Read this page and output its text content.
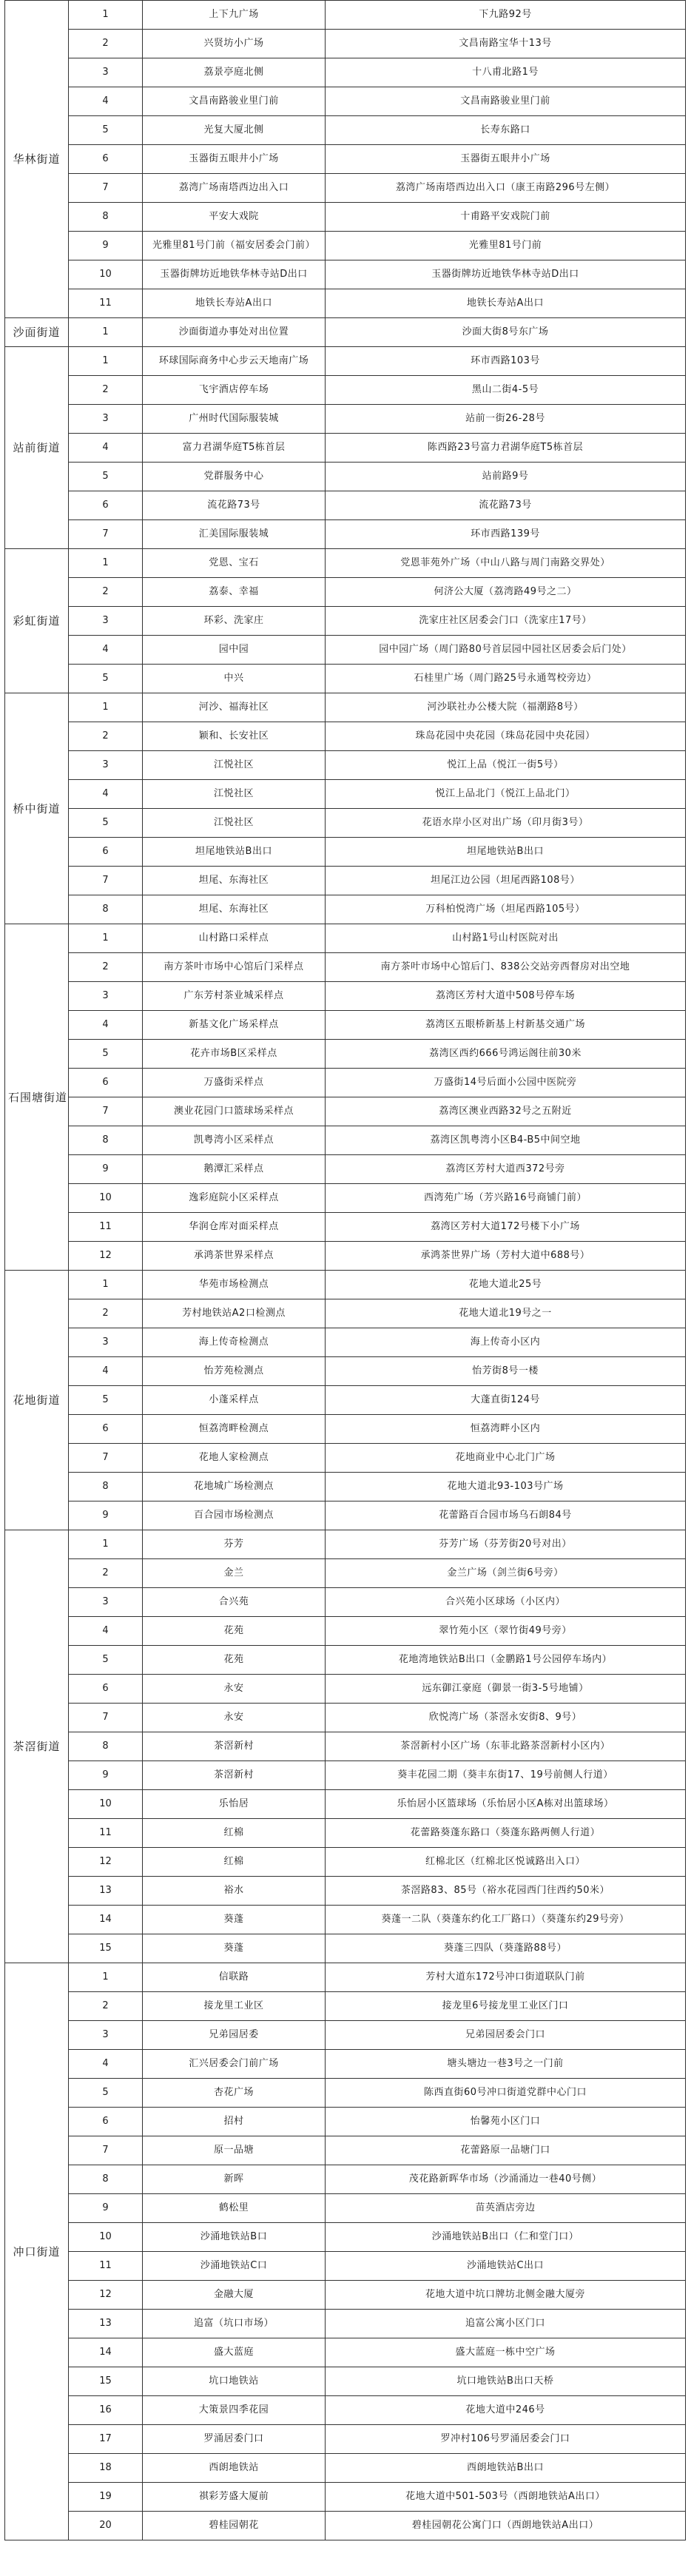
华林街道	1	上下九广场	下九路92号
	2	兴贤坊小广场	文昌南路宝华十13号
	3	荔景亭庭北侧	十八甫北路1号
	4	文昌南路骏业里门前	文昌南路骏业里门前
	5	光复大厦北侧	长寿东路口
	6	玉器街五眼井小广场	玉器街五眼井小广场
	7	荔湾广场南塔西边出入口	荔湾广场南塔西边出入口（康王南路296号左侧）
	8	平安大戏院	十甫路平安戏院门前
	9	光雅里81号门前（福安居委会门前）	光雅里81号门前
	10	玉器街牌坊近地铁华林寺站D出口	玉器街牌坊近地铁华林寺站D出口
	11	地铁长寿站A出口	地铁长寿站A出口
沙面街道	1	沙面街道办事处对出位置	沙面大街8号东广场
站前街道	1	环球国际商务中心步云天地南广场	环市西路103号
	2	飞宇酒店停车场	黑山二街4-5号
	3	广州时代国际服装城	站前一街26-28号
	4	富力君湖华庭T5栋首层	陈西路23号富力君湖华庭T5栋首层
	5	党群服务中心	站前路9号
	6	流花路73号	流花路73号
	7	汇美国际服装城	环市西路139号
彩虹街道	1	党恩、宝石	党恩菲苑外广场（中山八路与周门南路交界处）
	2	荔泰、幸福	何济公大厦（荔湾路49号之二）
	3	环彩、洗家庄	洗家庄社区居委会门口（洗家庄17号）
	4	园中园	园中园广场（周门路80号首层园中园社区居委会后门处）
	5	中兴	石桂里广场（周门路25号永通驾校旁边）
桥中街道	1	河沙、福海社区	河沙联社办公楼大院（福潮路8号）
	2	颖和、长安社区	珠岛花园中央花园（珠岛花园中央花园）
	3	江悦社区	悦江上品（悦江一街5号）
	4	江悦社区	悦江上品北门（悦江上品北门）
	5	江悦社区	花语水岸小区对出广场（印月街3号）
	6	坦尾地铁站B出口	坦尾地铁站B出口
	7	坦尾、东海社区	坦尾江边公园（坦尾西路108号）
	8	坦尾、东海社区	万科柏悦湾广场（坦尾西路105号）
石围塘街道	1	山村路口采样点	山村路1号山村医院对出
	2	南方茶叶市场中心馆后门采样点	南方茶叶市场中心馆后门、838公交站旁西督房对出空地
	3	广东芳村茶业城采样点	荔湾区芳村大道中508号停车场
	4	新基文化广场采样点	荔湾区五眼桥新基上村新基交通广场
	5	花卉市场B区采样点	荔湾区西约666号鸿运阁往前30米
	6	万盛街采样点	万盛街14号后面小公园中医院旁
	7	澳业花园门口篮球场采样点	荔湾区澳业西路32号之五附近
	8	凯粤湾小区采样点	荔湾区凯粤湾小区B4-B5中间空地
	9	鹅潭汇采样点	荔湾区芳村大道西372号旁
	10	逸彩庭院小区采样点	西湾苑广场（芳兴路16号商铺门前）
	11	华润仓库对面采样点	荔湾区芳村大道172号楼下小广场
	12	承鸿茶世界采样点	承鸿茶世界广场（芳村大道中688号）
花地街道	1	华苑市场检测点	花地大道北25号
	2	芳村地铁站A2口检测点	花地大道北19号之一
	3	海上传奇检测点	海上传奇小区内
	4	怡芳苑检测点	怡芳街8号一楼
	5	小蓬采样点	大蓬直街124号
	6	恒荔湾畔检测点	恒荔湾畔小区内
	7	花地人家检测点	花地商业中心北门广场
	8	花地城广场检测点	花地大道北93-103号广场
	9	百合园市场检测点	花蕾路百合园市场乌石朗84号
茶滘街道	1	芬芳	芬芳广场（芬芳街20号对出）
	2	金兰	金兰广场（剑兰街6号旁）
	3	合兴苑	合兴苑小区球场（小区内）
	4	花苑	翠竹苑小区（翠竹街49号旁）
	5	花苑	花地湾地铁站B出口（金鹏路1号公园停车场内）
	6	永安	远东御江豪庭（御景一街3-5号地铺）
	7	永安	欣悦湾广场（茶滘永安街8、9号）
	8	茶滘新村	茶滘新村小区广场（东菲北路茶滘新村小区内）
	9	茶滘新村	葵丰花园二期（葵丰东街17、19号前侧人行道）
	10	乐怡居	乐怡居小区篮球场（乐怡居小区A栋对出篮球场）
	11	红棉	花蕾路葵蓬东路口（葵蓬东路两侧人行道）
	12	红棉	红棉北区（红棉北区悦诚路出入口）
	13	裕水	茶滘路83、85号（裕水花园西门往西约50米）
	14	葵蓬	葵蓬一二队（葵蓬东约化工厂路口）（葵蓬东约29号旁）
	15	葵蓬	葵蓬三四队（葵蓬路88号）
冲口街道	1	信联路	芳村大道东172号冲口街道联队门前
	2	接龙里工业区	接龙里6号接龙里工业区门口
	3	兄弟园居委	兄弟园居委会门口
	4	汇兴居委会门前广场	塘头塘边一巷3号之一门前
	5	杏花广场	陈西直街60号冲口街道党群中心门口
	6	招村	怡馨苑小区门口
	7	原一品塘	花蕾路原一品塘门口
	8	新晖	茂花路新晖华市场（沙涌涌边一巷40号侧）
	9	鹤松里	苗英酒店旁边
	10	沙涌地铁站B口	沙涌地铁站B出口（仁和堂门口）
	11	沙涌地铁站C口	沙涌地铁站C出口
	12	金融大厦	花地大道中坑口牌坊北侧金融大厦旁
	13	追富（坑口市场）	追富公寓小区门口
	14	盛大蓝庭	盛大蓝庭一栋中空广场
	15	坑口地铁站	坑口地铁站B出口天桥
	16	大策景四季花园	花地大道中246号
	17	罗涌居委门口	罗冲村106号罗涌居委会门口
	18	西朗地铁站	西朗地铁站B出口
	19	祺彩芳盛大厦前	花地大道中501-503号（西朗地铁站A出口）
	20	碧桂园朝花	碧桂园朝花公寓门口（西朗地铁站A出口）
